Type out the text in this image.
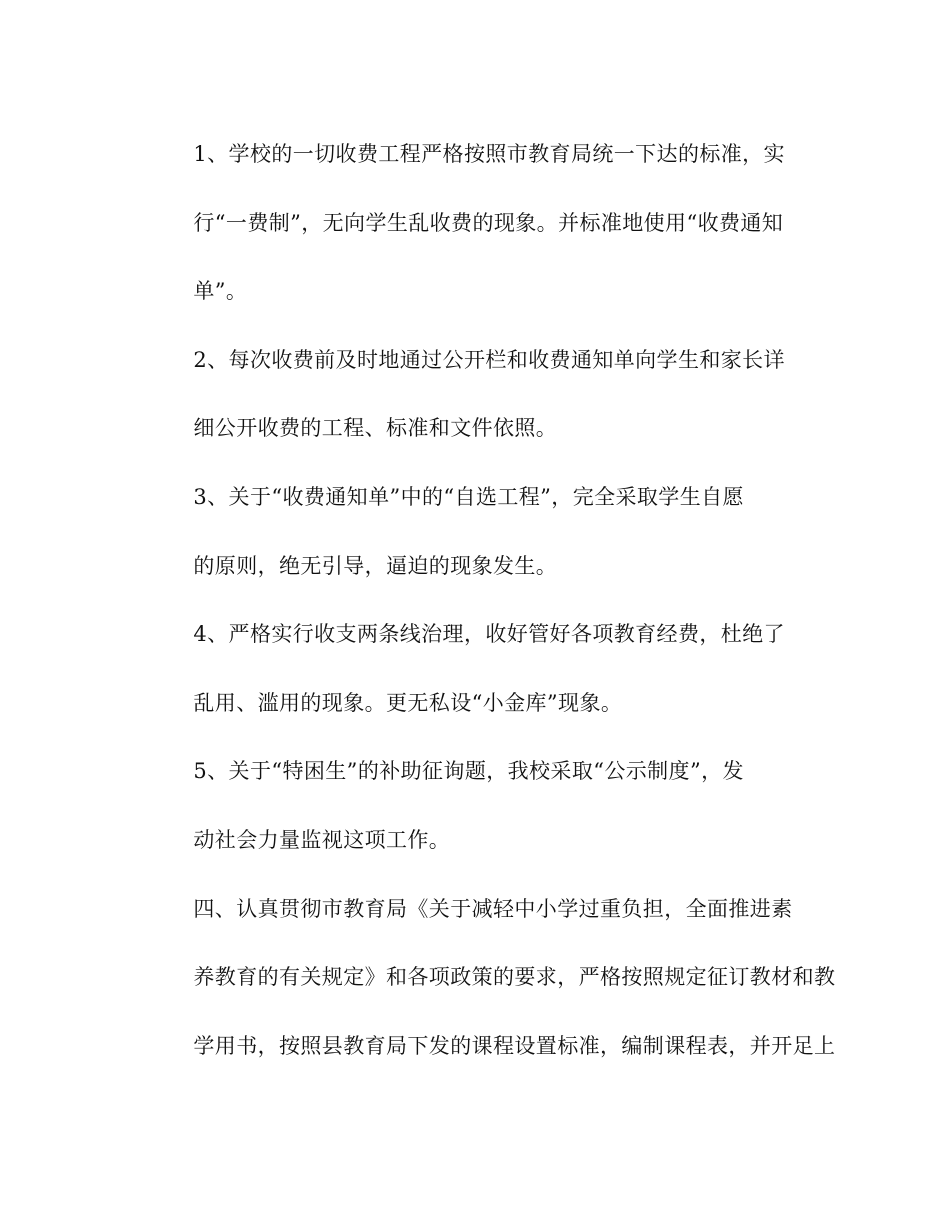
1、学校的一切收费工程严格按照市教育局统一下达的标准，实
行“一费制”，无向学生乱收费的现象。并标准地使用“收费通知
单”。

2、每次收费前及时地通过公开栏和收费通知单向学生和家长详
细公开收费的工程、标准和文件依照。

3、关于“收费通知单”中的“自选工程”，完全采取学生自愿
的原则，绝无引导，逼迫的现象发生。

4、严格实行收支两条线治理，收好管好各项教育经费，杜绝了
乱用、滥用的现象。更无私设“小金库”现象。

5、关于“特困生”的补助征询题，我校采取“公示制度”，发
动社会力量监视这项工作。

四、认真贯彻市教育局《关于减轻中小学过重负担，全面推进素
养教育的有关规定》和各项政策的要求，严格按照规定征订教材和教
学用书，按照县教育局下发的课程设置标准，编制课程表，并开足上
